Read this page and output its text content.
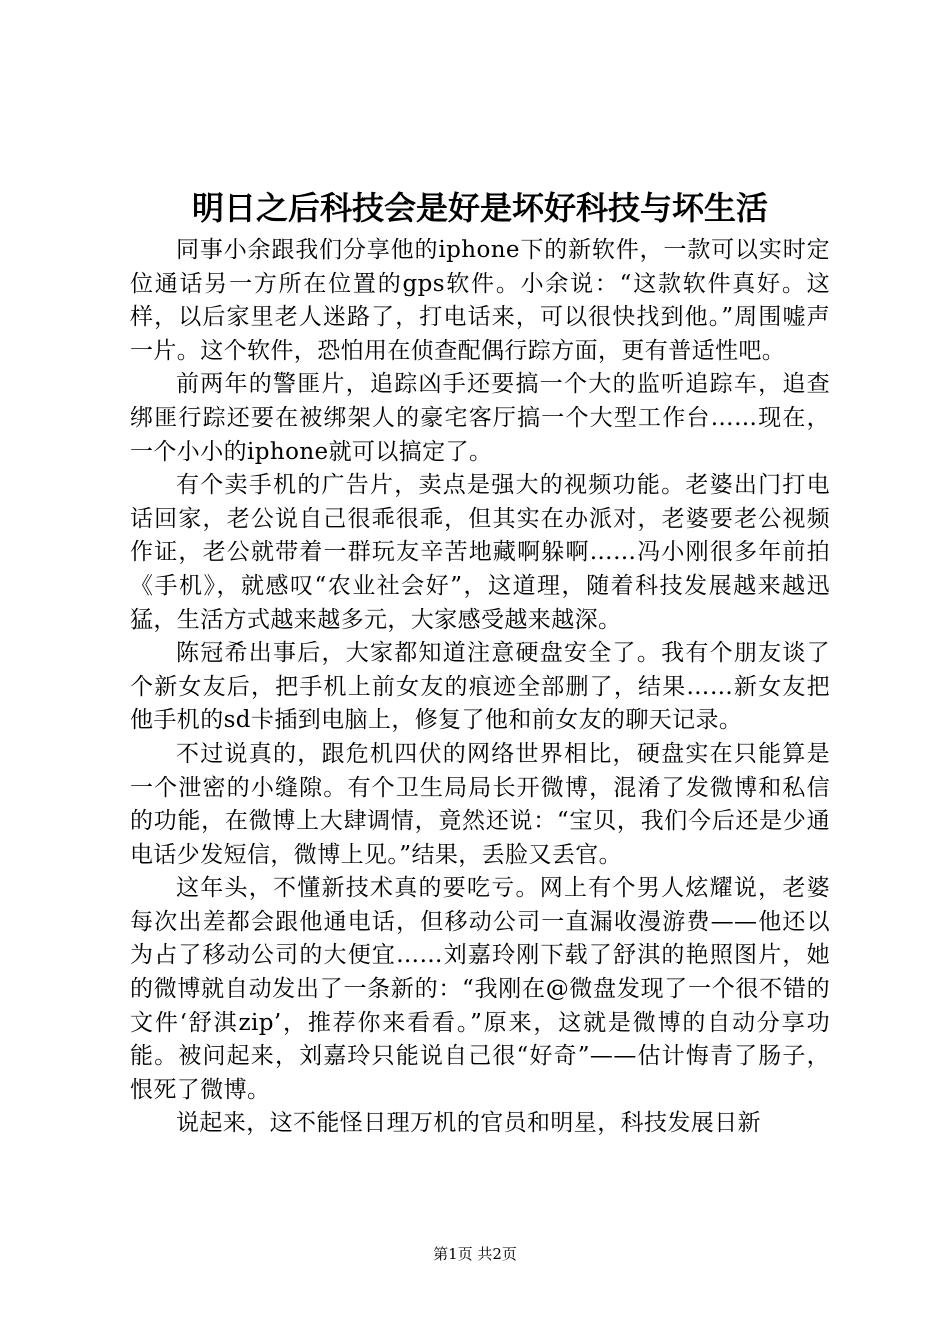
明日之后科技会是好是坏好科技与坏生活

同事小余跟我们分享他的iphone下的新软件，一款可以实时定位通话另一方所在位置的gps软件。小余说：“这款软件真好。这样，以后家里老人迷路了，打电话来，可以很快找到他。”周围嘘声一片。这个软件，恐怕用在侦查配偶行踪方面，更有普适性吧。

前两年的警匪片，追踪凶手还要搞一个大的监听追踪车，追查绑匪行踪还要在被绑架人的豪宅客厅搞一个大型工作台……现在，一个小小的iphone就可以搞定了。

有个卖手机的广告片，卖点是强大的视频功能。老婆出门打电话回家，老公说自己很乖很乖，但其实在办派对，老婆要老公视频作证，老公就带着一群玩友辛苦地藏啊躲啊……冯小刚很多年前拍《手机》，就感叹“农业社会好”，这道理，随着科技发展越来越迅猛，生活方式越来越多元，大家感受越来越深。

陈冠希出事后，大家都知道注意硬盘安全了。我有个朋友谈了个新女友后，把手机上前女友的痕迹全部删了，结果……新女友把他手机的sd卡插到电脑上，修复了他和前女友的聊天记录。

不过说真的，跟危机四伏的网络世界相比，硬盘实在只能算是一个泄密的小缝隙。有个卫生局局长开微博，混淆了发微博和私信的功能，在微博上大肆调情，竟然还说：“宝贝，我们今后还是少通电话少发短信，微博上见。”结果，丢脸又丢官。

这年头，不懂新技术真的要吃亏。网上有个男人炫耀说，老婆每次出差都会跟他通电话，但移动公司一直漏收漫游费——他还以为占了移动公司的大便宜……刘嘉玲刚下载了舒淇的艳照图片，她的微博就自动发出了一条新的：“我刚在@微盘发现了一个很不错的文件‘舒淇zip’，推荐你来看看。”原来，这就是微博的自动分享功能。被问起来，刘嘉玲只能说自己很“好奇”——估计悔青了肠子，恨死了微博。

说起来，这不能怪日理万机的官员和明星，科技发展日新

第1页 共2页
